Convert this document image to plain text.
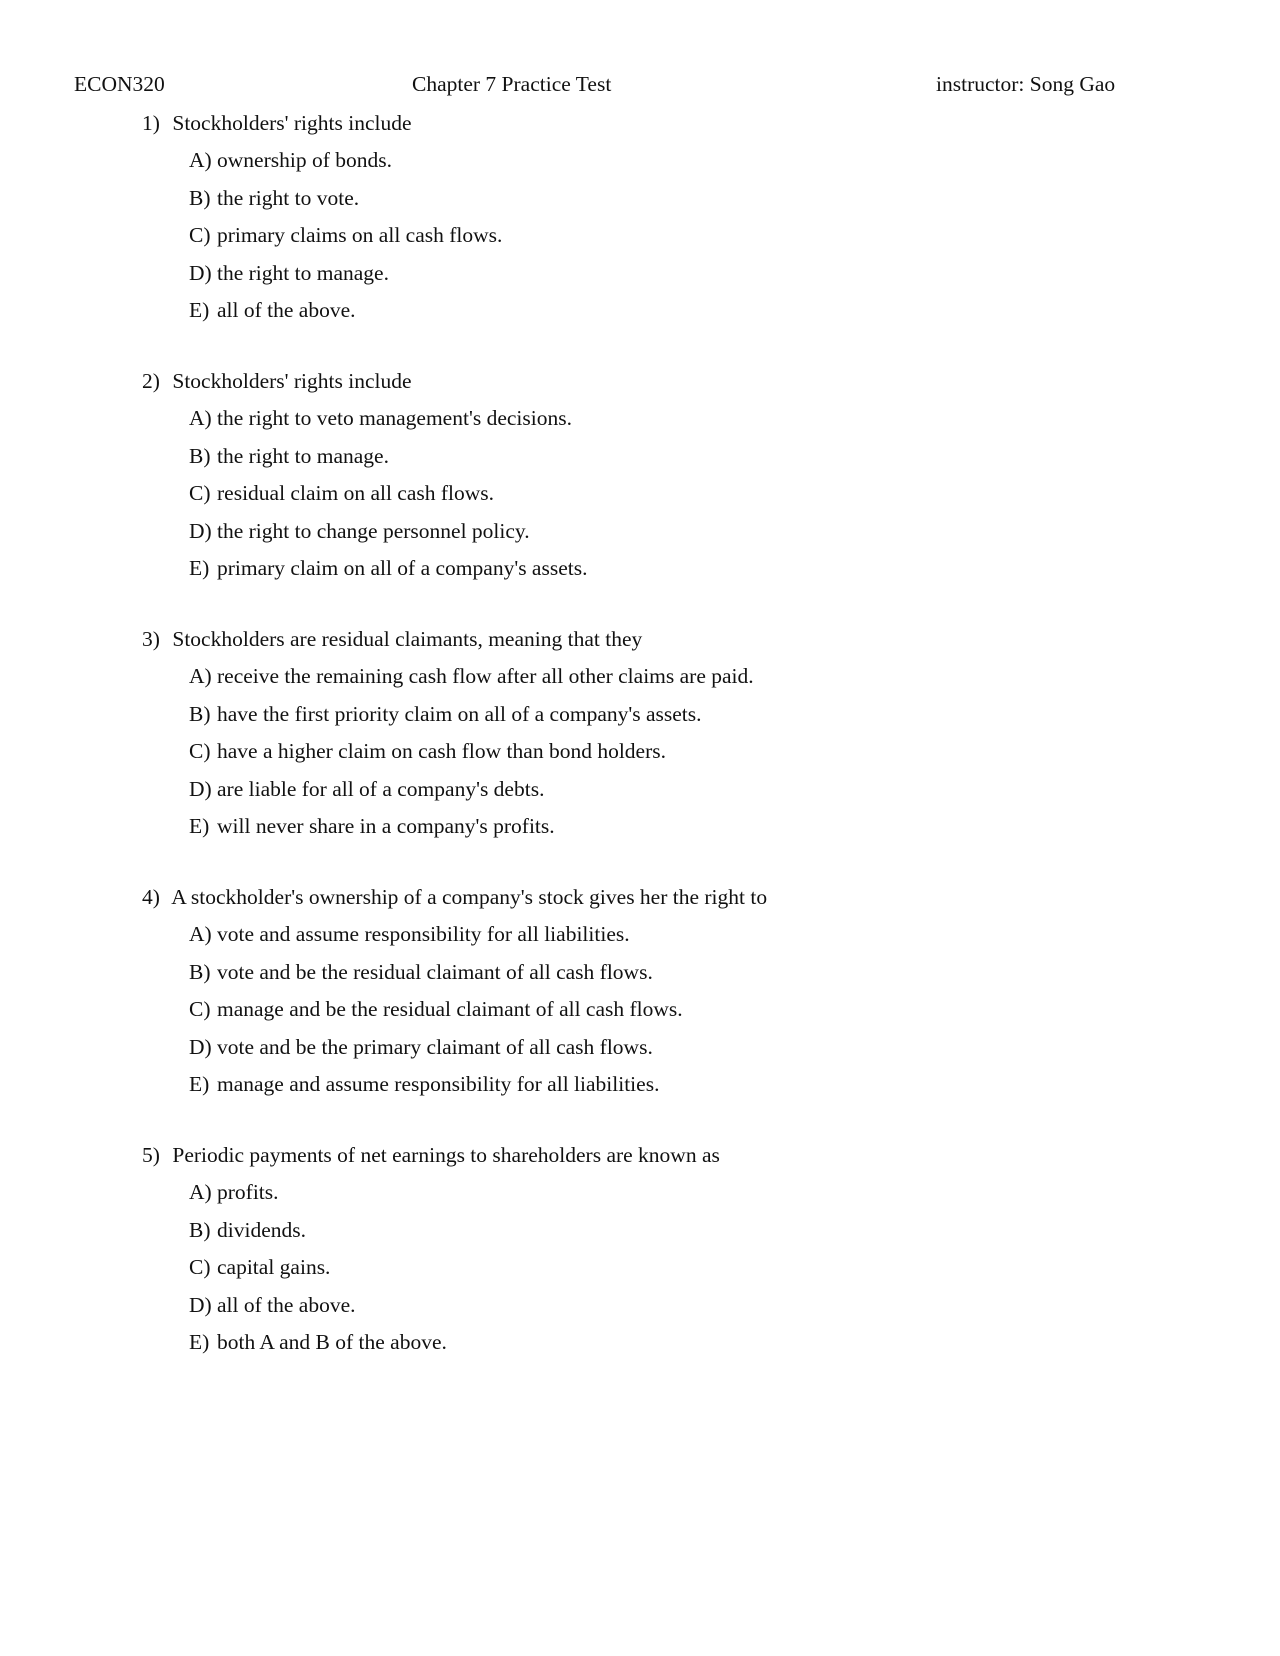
ECON320	Chapter 7 Practice Test	instructor: Song Gao
1) Stockholders' rights include
A) ownership of bonds.
B) the right to vote.
C) primary claims on all cash flows.
D) the right to manage.
E) all of the above.
2) Stockholders' rights include
A) the right to veto management's decisions.
B) the right to manage.
C) residual claim on all cash flows.
D) the right to change personnel policy.
E) primary claim on all of a company's assets.
3) Stockholders are residual claimants, meaning that they
A) receive the remaining cash flow after all other claims are paid.
B) have the first priority claim on all of a company's assets.
C) have a higher claim on cash flow than bond holders.
D) are liable for all of a company's debts.
E) will never share in a company's profits.
4) A stockholder's ownership of a company's stock gives her the right to
A) vote and assume responsibility for all liabilities.
B) vote and be the residual claimant of all cash flows.
C) manage and be the residual claimant of all cash flows.
D) vote and be the primary claimant of all cash flows.
E) manage and assume responsibility for all liabilities.
5) Periodic payments of net earnings to shareholders are known as
A) profits.
B) dividends.
C) capital gains.
D) all of the above.
E) both A and B of the above.
